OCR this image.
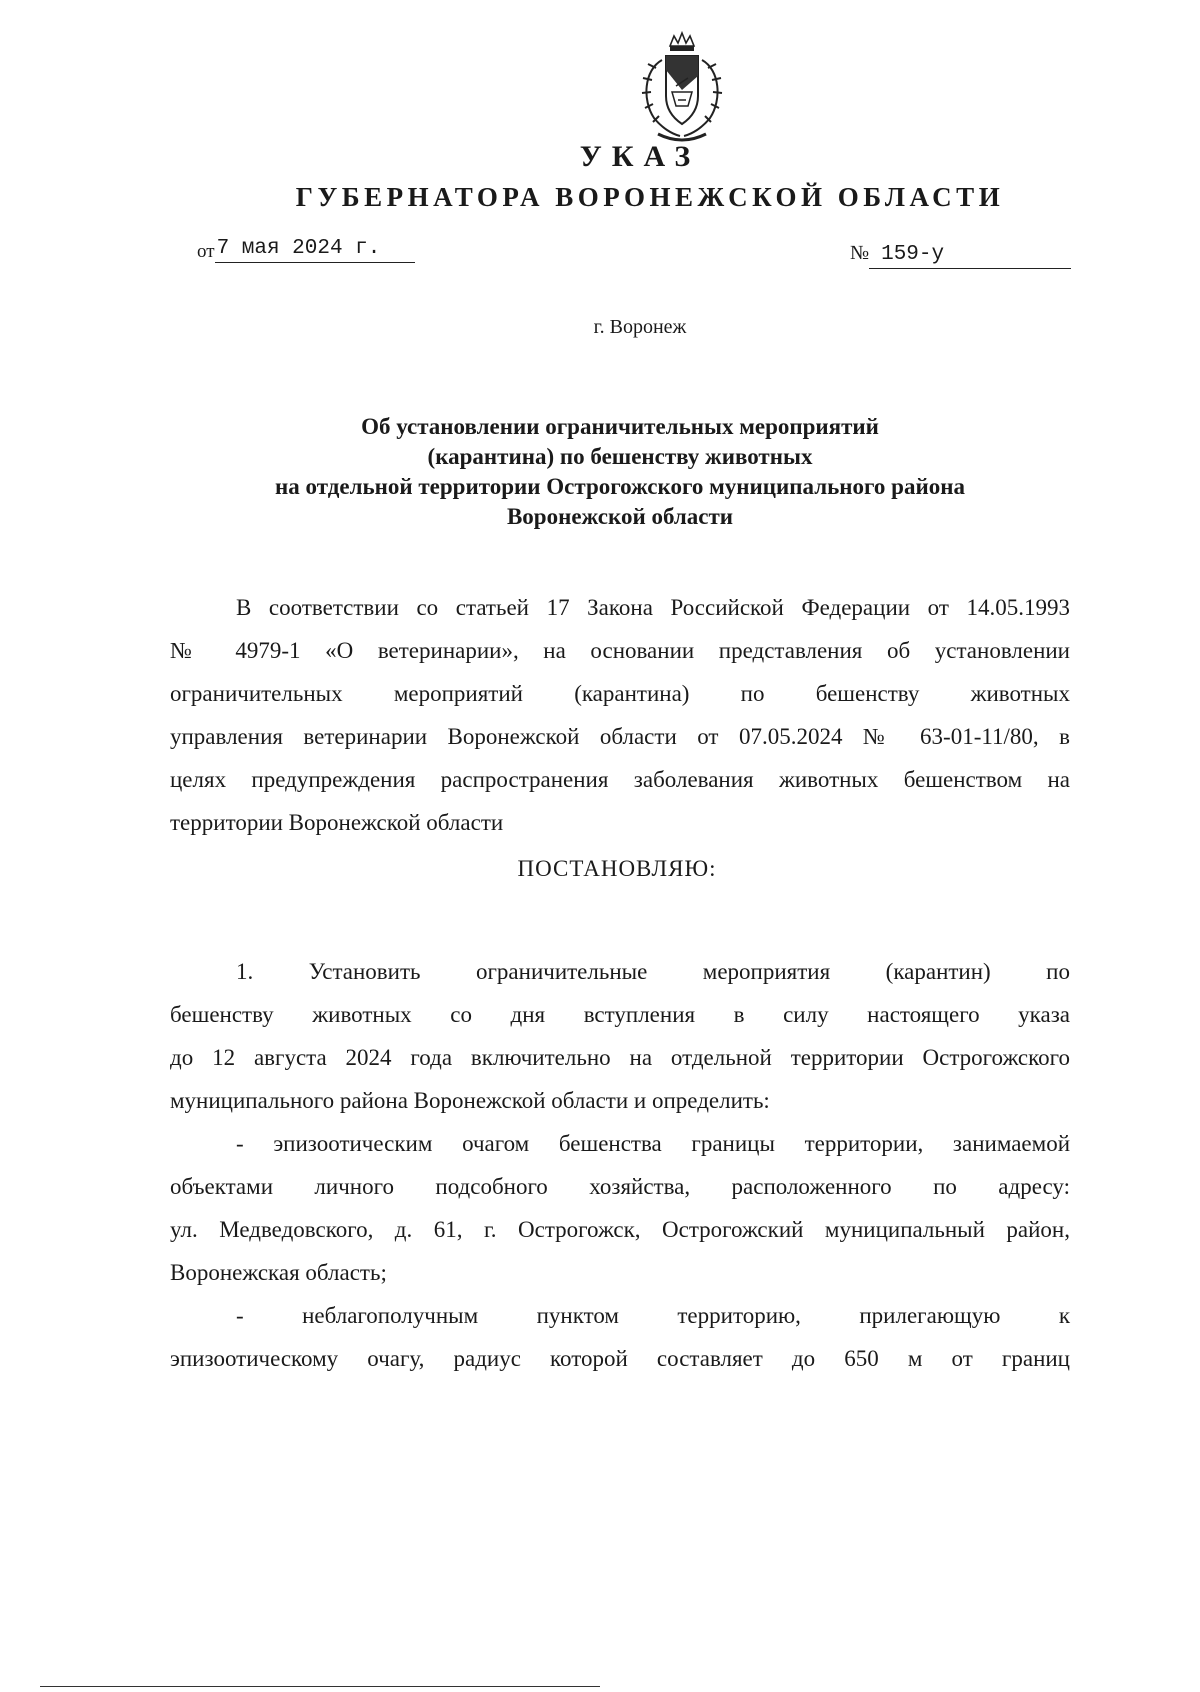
УКАЗ
ГУБЕРНАТОРА ВОРОНЕЖСКОЙ ОБЛАСТИ
от7 мая 2024 г.	№ 159-у
г. Воронеж
Об установлении ограничительных мероприятий
(карантина) по бешенству животных
на отдельной территории Острогожского муниципального района
Воронежской области
В соответствии со статьей 17 Закона Российской Федерации от 14.05.1993
№ 4979-1 «О ветеринарии», на основании представления об установлении
ограничительных мероприятий (карантина) по бешенству животных
управления ветеринарии Воронежской области от 07.05.2024 № 63-01-11/80, в
целях предупреждения распространения заболевания животных бешенством на
территории Воронежской области
ПОСТАНОВЛЯЮ:
1. Установить ограничительные мероприятия (карантин) по
бешенству животных со дня вступления в силу настоящего указа
до 12 августа 2024 года включительно на отдельной территории Острогожского
муниципального района Воронежской области и определить:
- эпизоотическим очагом бешенства границы территории, занимаемой
объектами личного подсобного хозяйства, расположенного по адресу:
ул. Медведовского, д. 61, г. Острогожск, Острогожский муниципальный район,
Воронежская область;
- неблагополучным пунктом территорию, прилегающую к
эпизоотическому очагу, радиус которой составляет до 650 м от границ
